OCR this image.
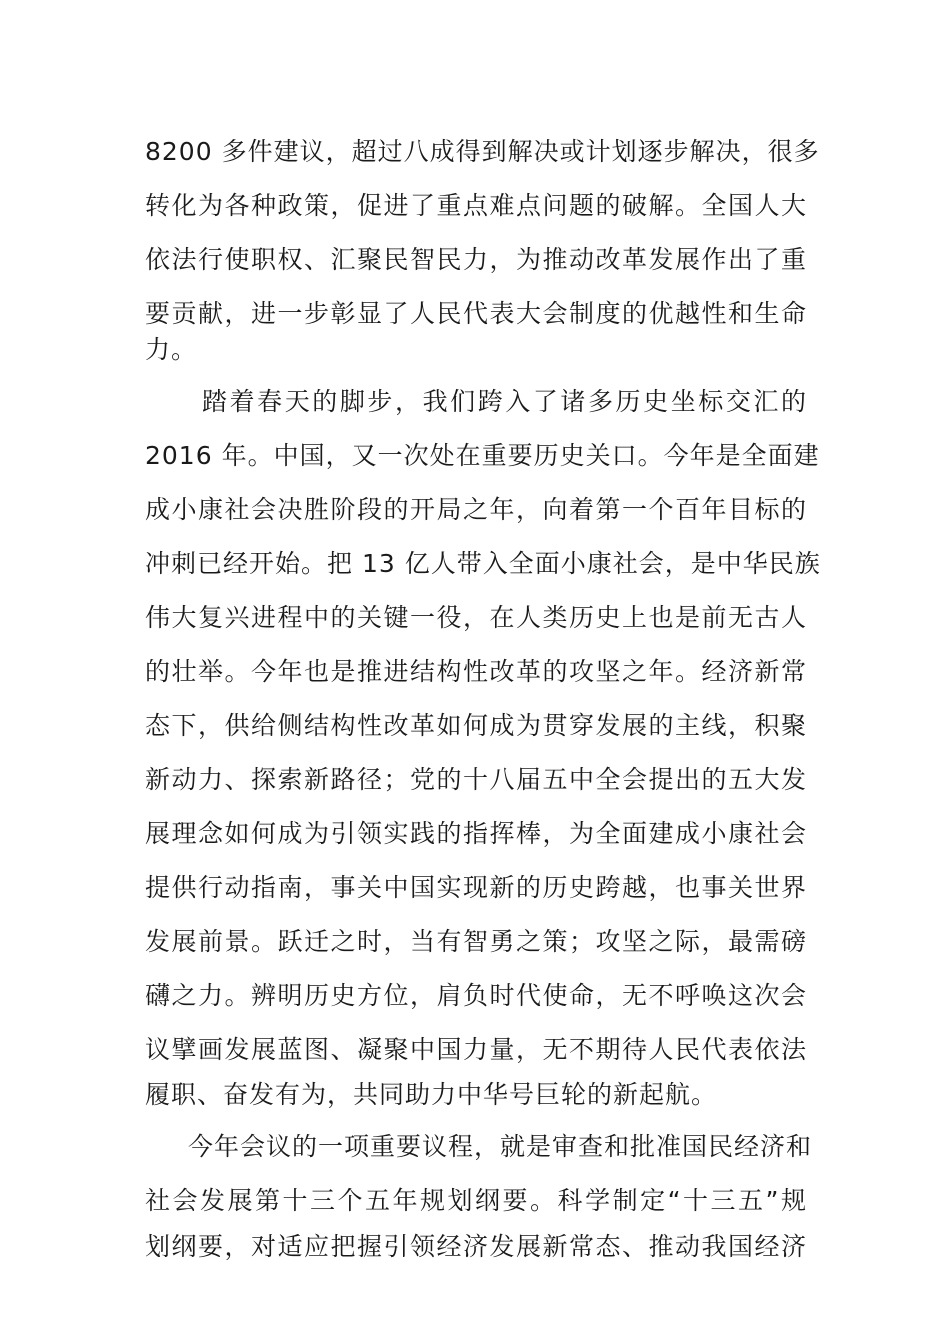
8200 多件建议，超过八成得到解决或计划逐步解决，很多
转化为各种政策，促进了重点难点问题的破解。全国人大
依法行使职权、汇聚民智民力，为推动改革发展作出了重
要贡献，进一步彰显了人民代表大会制度的优越性和生命
力。
踏着春天的脚步，我们跨入了诸多历史坐标交汇的
2016 年。中国，又一次处在重要历史关口。今年是全面建
成小康社会决胜阶段的开局之年，向着第一个百年目标的
冲刺已经开始。把 13 亿人带入全面小康社会，是中华民族
伟大复兴进程中的关键一役，在人类历史上也是前无古人
的壮举。今年也是推进结构性改革的攻坚之年。经济新常
态下，供给侧结构性改革如何成为贯穿发展的主线，积聚
新动力、探索新路径；党的十八届五中全会提出的五大发
展理念如何成为引领实践的指挥棒，为全面建成小康社会
提供行动指南，事关中国实现新的历史跨越，也事关世界
发展前景。跃迁之时，当有智勇之策；攻坚之际，最需磅
礴之力。辨明历史方位，肩负时代使命，无不呼唤这次会
议擘画发展蓝图、凝聚中国力量，无不期待人民代表依法
履职、奋发有为，共同助力中华号巨轮的新起航。
今年会议的一项重要议程，就是审查和批准国民经济和
社会发展第十三个五年规划纲要。科学制定“十三五”规
划纲要，对适应把握引领经济发展新常态、推动我国经济
